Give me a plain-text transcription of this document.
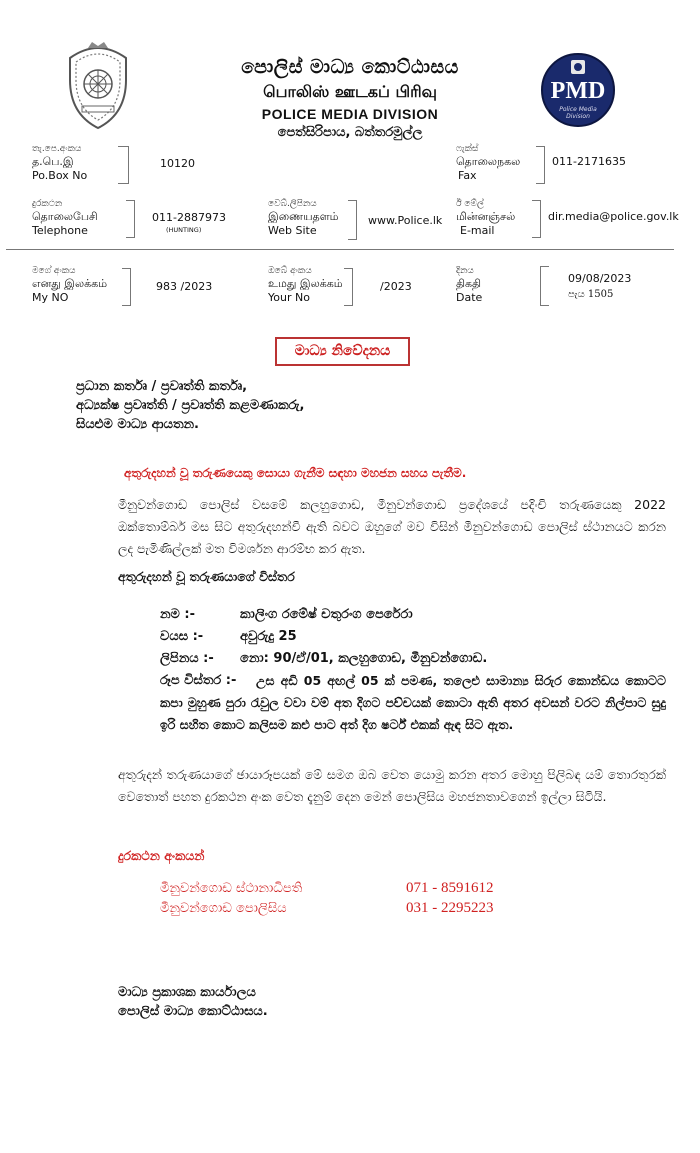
PMD
Police Media Division
පොලිස් මාධ්‍ය කොට්ඨාසය
பொலிஸ் ஊடகப் பிரிவு
POLICE MEDIA DIVISION
පෙත්සිරිපාය, බත්තරමුල්ල
තැ.පෙ.අංකය
த.பெ.இ
Po.Box No
10120
ෆැක්ස්
தொலைநகல
Fax
011-2171635
දුරකථන
தொலைபேசி
Telephone
011-2887973
(HUNTING)
වෙබ්.ලිපිනය
இணையதளம்
Web Site
www.Police.lk
ඊ මේල්
மின்னஞ்சல்
E-mail
dir.media@police.gov.lk
මගේ අංකය
எனது இலக்கம்
My NO
983 /2023
ඔබේ අංකය
உமது இலக்கம்
Your No
/2023
දිනය
திகதி
Date
09/08/2023
පැය 1505
මාධ්‍ය නිවේදනය
ප්‍රධාන කර්තෘ / ප්‍රවෘත්ති කර්තෘ,
අධ්‍යක්ෂ ප්‍රවෘත්ති / ප්‍රවෘත්ති කළමණාකරු,
සියළුම මාධ්‍ය ආයතන.
අතුරුදහන් වූ තරුණයෙකු සොයා ගැනීම සඳහා මහජන සහය පැතීම.
මීනුවන්ගොඩ පොලිස් වසමේ කලහුගොඩ, මීනුවන්ගොඩ ප්‍රදේශයේ පදිංචි තරුණයෙකු 2022 ඔක්තොම්බර් මස සිට අතුරුදහන්වී ඇති බවට ඔහුගේ මව විසින් මීනුවන්ගොඩ පොලිස් ස්ථානයට කරන ලද පැමිණිල්ලක් මත විමර්ශන ආරම්භ කර ඇත.
අතුරුදහන් වූ තරුණයාගේ විස්තර
නම :-	කාලිංග රමේෂ් චතුරංග පෙරේරා
වයස :-	අවුරුදු 25
ලිපිනය :- නො: 90/ඒ/01, කලහුගොඩ, මීනුවන්ගොඩ.
රූප විස්තර :-	උස අඩි 05 අඟල් 05 ක් පමණ, තලෙළු සාමාන්‍ය සිරුර කොන්ඩය කොටට කපා මුහුණ පුරා රැවුල වවා වම් අත දිගට පච්චයක් කොටා ඇති අතර අවසන් වරට නිල්පාට සුදු ඉරි සහිත කොට කලිසම කළු පාට අත් දිග ෂර්ට් එකක් ඇඳ සිට ඇත.
අතුරුදන් තරුණයාගේ ඡායාරූපයක් මේ සමග ඔබ වෙත යොමු කරන අතර මොහු පිලිබඳ යම් තොරතුරක් වෙතොත් පහත දුරකථන අංක වෙත දැනුම් දෙන මෙන් පොලිසිය මහජනතාවගෙන් ඉල්ලා සිටියි.
දුරකථන අංකයන්
මීනුවන්ගොඩ ස්ථානාධිපති	071 - 8591612
මීනුවන්ගොඩ පොලිසිය	031 - 2295223
මාධ්‍ය ප්‍රකාශක කාර්යාලය
පොලිස් මාධ්‍ය කොට්ඨාසය.
